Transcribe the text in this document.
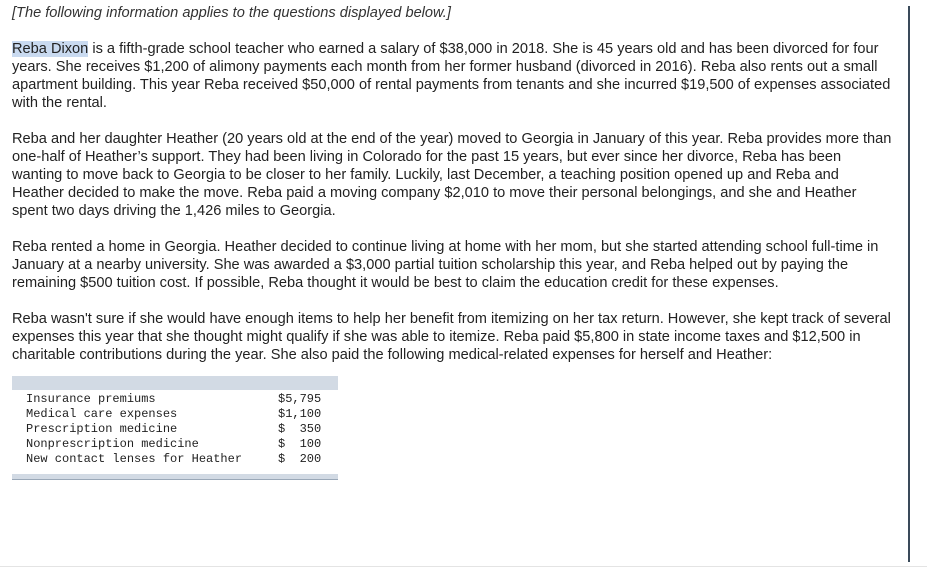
[The following information applies to the questions displayed below.]

Reba Dixon is a fifth-grade school teacher who earned a salary of $38,000 in 2018. She is 45 years old and has been divorced for four years. She receives $1,200 of alimony payments each month from her former husband (divorced in 2016). Reba also rents out a small apartment building. This year Reba received $50,000 of rental payments from tenants and she incurred $19,500 of expenses associated with the rental.

Reba and her daughter Heather (20 years old at the end of the year) moved to Georgia in January of this year. Reba provides more than one-half of Heather’s support. They had been living in Colorado for the past 15 years, but ever since her divorce, Reba has been wanting to move back to Georgia to be closer to her family. Luckily, last December, a teaching position opened up and Reba and Heather decided to make the move. Reba paid a moving company $2,010 to move their personal belongings, and she and Heather spent two days driving the 1,426 miles to Georgia.

Reba rented a home in Georgia. Heather decided to continue living at home with her mom, but she started attending school full-time in January at a nearby university. She was awarded a $3,000 partial tuition scholarship this year, and Reba helped out by paying the remaining $500 tuition cost. If possible, Reba thought it would be best to claim the education credit for these expenses.

Reba wasn't sure if she would have enough items to help her benefit from itemizing on her tax return. However, she kept track of several expenses this year that she thought might qualify if she was able to itemize. Reba paid $5,800 in state income taxes and $12,500 in charitable contributions during the year. She also paid the following medical-related expenses for herself and Heather:

Insurance premiums	$5,795
Medical care expenses	$1,100
Prescription medicine	$  350
Nonprescription medicine	$  100
New contact lenses for Heather	$  200
